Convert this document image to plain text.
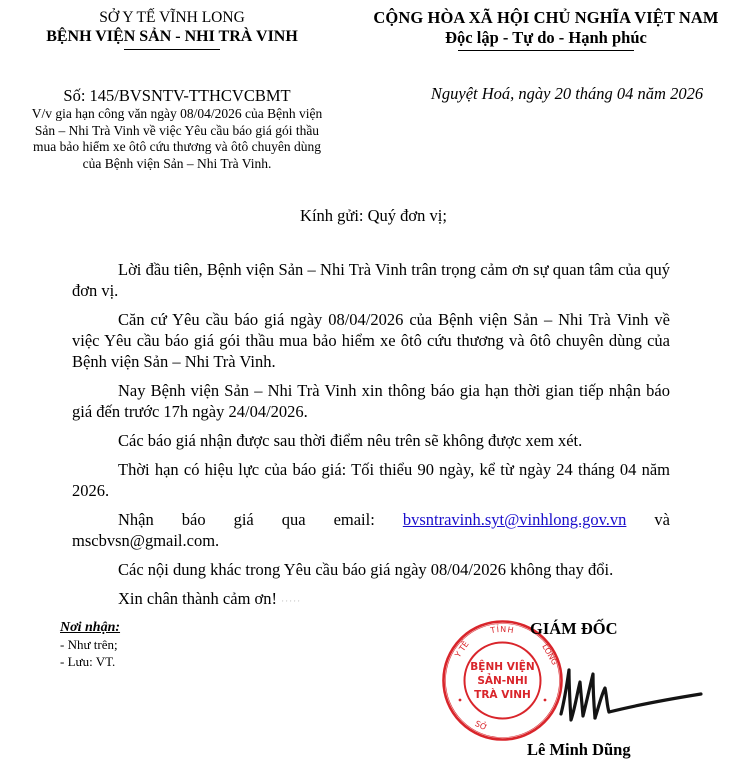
SỞ Y TẾ VĨNH LONG
BỆNH VIỆN SẢN - NHI TRÀ VINH
CỘNG HÒA XÃ HỘI CHỦ NGHĨA VIỆT NAM
Độc lập - Tự do - Hạnh phúc
Số: 145/BVSNTV-TTHCVCBMT	Nguyệt Hoá, ngày 20 tháng 04 năm 2026
V/v gia hạn công văn ngày 08/04/2026 của Bệnh viện
Sản – Nhi Trà Vinh về việc Yêu cầu báo giá gói thầu
mua bảo hiểm xe ôtô cứu thương và ôtô chuyên dùng
của Bệnh viện Sản – Nhi Trà Vinh.
Kính gửi: Quý đơn vị;

Lời đầu tiên, Bệnh viện Sản – Nhi Trà Vinh trân trọng cảm ơn sự quan tâm của quý đơn vị.

Căn cứ Yêu cầu báo giá ngày 08/04/2026 của Bệnh viện Sản – Nhi Trà Vinh về việc Yêu cầu báo giá gói thầu mua bảo hiểm xe ôtô cứu thương và ôtô chuyên dùng của Bệnh viện Sản – Nhi Trà Vinh.

Nay Bệnh viện Sản – Nhi Trà Vinh xin thông báo gia hạn thời gian tiếp nhận báo giá đến trước 17h ngày 24/04/2026.

Các báo giá nhận được sau thời điểm nêu trên sẽ không được xem xét.

Thời hạn có hiệu lực của báo giá: Tối thiểu 90 ngày, kể từ ngày 24 tháng 04 năm 2026.

Nhận báo giá qua email: bvsntravinh.syt@vinhlong.gov.vn và
mscbvsn@gmail.com.

Các nội dung khác trong Yêu cầu báo giá ngày 08/04/2026 không thay đổi.

Xin chân thành cảm ơn! ·····

Nơi nhận:
- Như trên;
- Lưu: VT.
TỈNH
Y TẾ	LONG
SỞ
BỆNH VIỆN
SẢN-NHI
TRÀ VINH
GIÁM ĐỐC
Lê Minh Dũng
